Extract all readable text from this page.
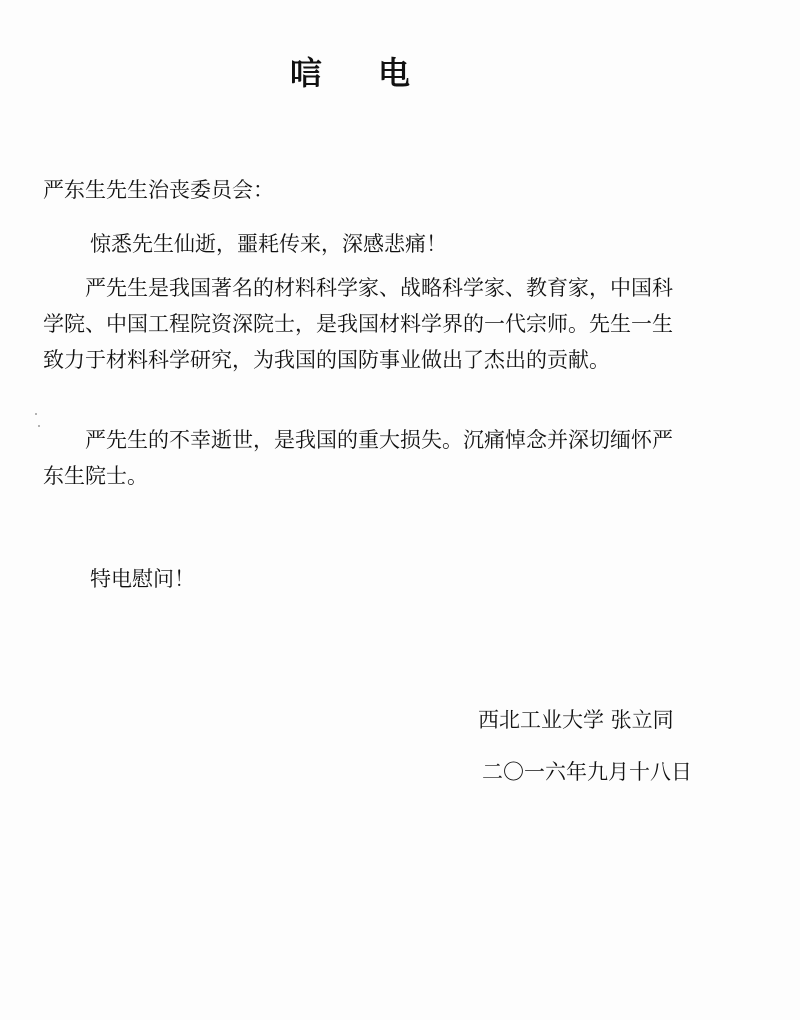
唁 电
严东生先生治丧委员会：
惊悉先生仙逝，噩耗传来，深感悲痛！
严先生是我国著名的材料科学家、战略科学家、教育家，中国科学院、中国工程院资深院士，是我国材料学界的一代宗师。先生一生致力于材料科学研究，为我国的国防事业做出了杰出的贡献。
严先生的不幸逝世，是我国的重大损失。沉痛悼念并深切缅怀严东生院士。
特电慰问！
西北工业大学 张立同
二〇一六年九月十八日
